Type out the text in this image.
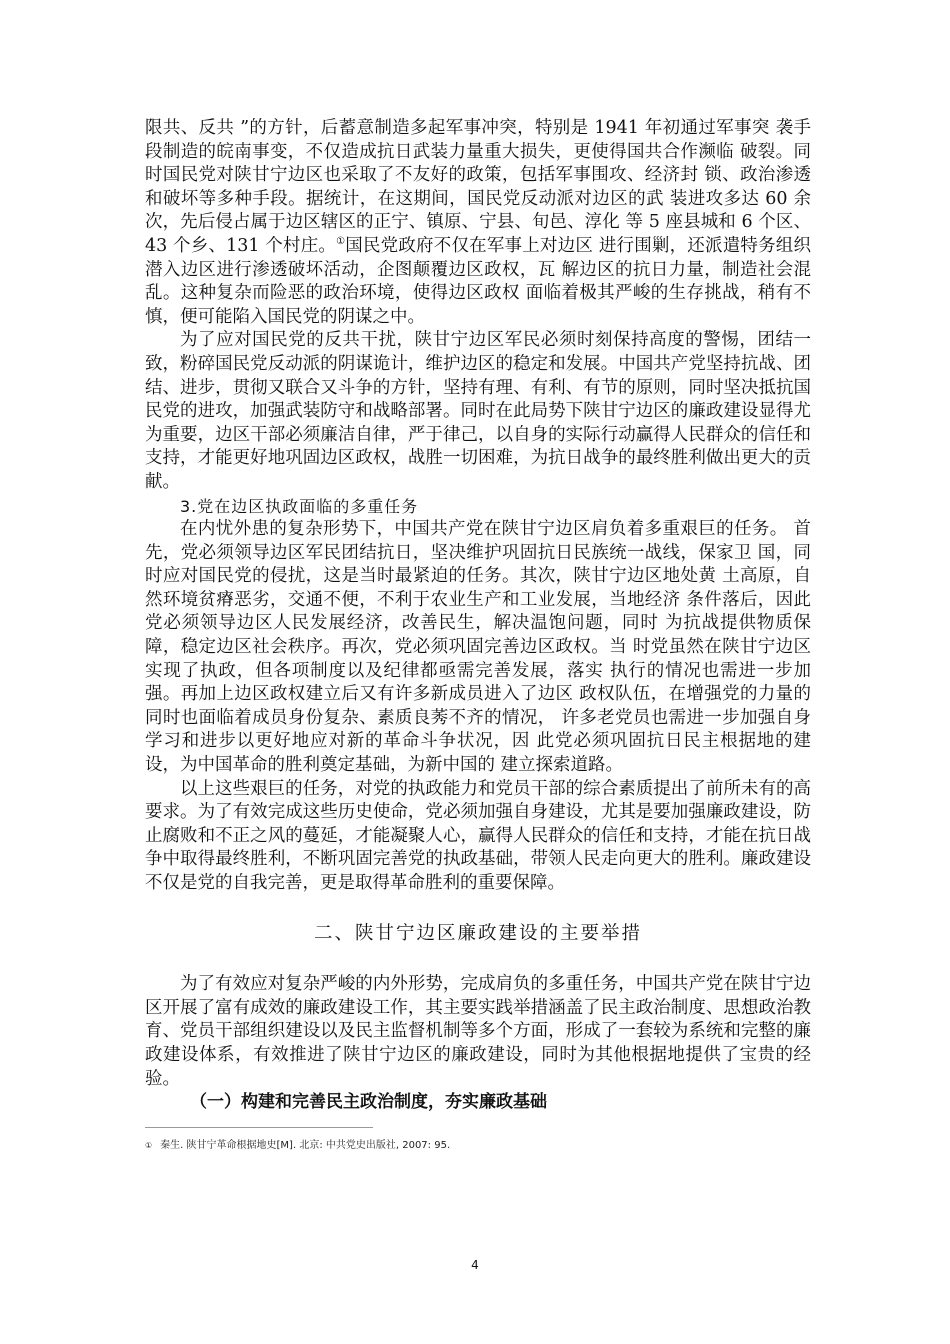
限共、反共 ”的方针，后蓄意制造多起军事冲突，特别是 1941 年初通过军事突 袭手段制造的皖南事变，不仅造成抗日武装力量重大损失，更使得国共合作濒临 破裂。同时国民党对陕甘宁边区也采取了不友好的政策，包括军事围攻、经济封 锁、政治渗透和破坏等多种手段。据统计，在这期间，国民党反动派对边区的武 装进攻多达 60 余次，先后侵占属于边区辖区的正宁、镇原、宁县、旬邑、淳化 等 5 座县城和 6 个区、43 个乡、131 个村庄。①国民党政府不仅在军事上对边区 进行围剿，还派遣特务组织潜入边区进行渗透破坏活动，企图颠覆边区政权，瓦 解边区的抗日力量，制造社会混乱。这种复杂而险恶的政治环境，使得边区政权 面临着极其严峻的生存挑战，稍有不慎，便可能陷入国民党的阴谋之中。

为了应对国民党的反共干扰，陕甘宁边区军民必须时刻保持高度的警惕，团结一致，粉碎国民党反动派的阴谋诡计，维护边区的稳定和发展。中国共产党坚持抗战、团结、进步，贯彻又联合又斗争的方针，坚持有理、有利、有节的原则，同时坚决抵抗国民党的进攻，加强武装防守和战略部署。同时在此局势下陕甘宁边区的廉政建设显得尤为重要，边区干部必须廉洁自律，严于律己，以自身的实际行动赢得人民群众的信任和支持，才能更好地巩固边区政权，战胜一切困难，为抗日战争的最终胜利做出更大的贡献。

3.党在边区执政面临的多重任务

在内忧外患的复杂形势下，中国共产党在陕甘宁边区肩负着多重艰巨的任务。 首先，党必须领导边区军民团结抗日，坚决维护巩固抗日民族统一战线，保家卫 国，同时应对国民党的侵扰，这是当时最紧迫的任务。其次，陕甘宁边区地处黄 土高原，自然环境贫瘠恶劣，交通不便，不利于农业生产和工业发展，当地经济 条件落后，因此党必须领导边区人民发展经济，改善民生，解决温饱问题，同时 为抗战提供物质保障，稳定边区社会秩序。再次，党必须巩固完善边区政权。当 时党虽然在陕甘宁边区实现了执政，但各项制度以及纪律都亟需完善发展，落实 执行的情况也需进一步加强。再加上边区政权建立后又有许多新成员进入了边区 政权队伍，在增强党的力量的同时也面临着成员身份复杂、素质良莠不齐的情况， 许多老党员也需进一步加强自身学习和进步以更好地应对新的革命斗争状况，因 此党必须巩固抗日民主根据地的建设，为中国革命的胜利奠定基础，为新中国的 建立探索道路。

以上这些艰巨的任务，对党的执政能力和党员干部的综合素质提出了前所未有的高要求。为了有效完成这些历史使命，党必须加强自身建设，尤其是要加强廉政建设，防止腐败和不正之风的蔓延，才能凝聚人心，赢得人民群众的信任和支持，才能在抗日战争中取得最终胜利，不断巩固完善党的执政基础，带领人民走向更大的胜利。廉政建设不仅是党的自我完善，更是取得革命胜利的重要保障。

二、陕甘宁边区廉政建设的主要举措

为了有效应对复杂严峻的内外形势，完成肩负的多重任务，中国共产党在陕甘宁边区开展了富有成效的廉政建设工作，其主要实践举措涵盖了民主政治制度、思想政治教育、党员干部组织建设以及民主监督机制等多个方面，形成了一套较为系统和完整的廉政建设体系，有效推进了陕甘宁边区的廉政建设，同时为其他根据地提供了宝贵的经验。

（一）构建和完善民主政治制度，夯实廉政基础

① 秦生. 陕甘宁革命根据地史[M]. 北京: 中共党史出版社, 2007: 95.
4
